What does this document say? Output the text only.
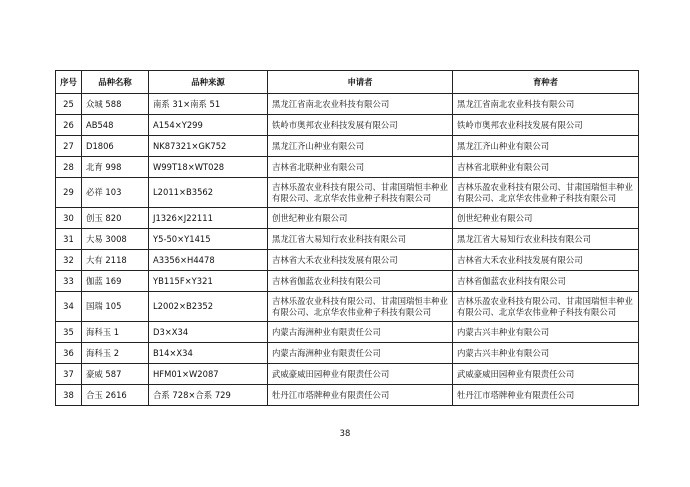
序号	品种名称	品种来源	申请者	育种者
25	众城 588	南系 31×南系 51	黑龙江省南北农业科技有限公司	黑龙江省南北农业科技有限公司
26	AB548	A154×Y299	铁岭市奥邦农业科技发展有限公司	铁岭市奥邦农业科技发展有限公司
27	D1806	NK87321×GK752	黑龙江齐山种业有限公司	黑龙江齐山种业有限公司
28	北育 998	W99T18×WT028	吉林省北联种业有限公司	吉林省北联种业有限公司
29	必祥 103	L2011×B3562	吉林乐盈农业科技有限公司、甘肃国瑞恒丰种业有限公司、北京华农伟业种子科技有限公司	吉林乐盈农业科技有限公司、甘肃国瑞恒丰种业有限公司、北京华农伟业种子科技有限公司
30	创玉 820	J1326×J22111	创世纪种业有限公司	创世纪种业有限公司
31	大易 3008	Y5-50×Y1415	黑龙江省大易知行农业科技有限公司	黑龙江省大易知行农业科技有限公司
32	大有 2118	A3356×H4478	吉林省大禾农业科技发展有限公司	吉林省大禾农业科技发展有限公司
33	伽蓝 169	YB115F×Y321	吉林省伽蓝农业科技有限公司	吉林省伽蓝农业科技有限公司
34	国瑞 105	L2002×B2352	吉林乐盈农业科技有限公司、甘肃国瑞恒丰种业有限公司、北京华农伟业种子科技有限公司	吉林乐盈农业科技有限公司、甘肃国瑞恒丰种业有限公司、北京华农伟业种子科技有限公司
35	海科玉 1	D3×X34	内蒙古海洲种业有限责任公司	内蒙古兴丰种业有限公司
36	海科玉 2	B14×X34	内蒙古海洲种业有限责任公司	内蒙古兴丰种业有限公司
37	豪威 587	HFM01×W2087	武威豪威田园种业有限责任公司	武威豪威田园种业有限责任公司
38	合玉 2616	合系 728×合系 729	牡丹江市塔牌种业有限责任公司	牡丹江市塔牌种业有限责任公司
38
